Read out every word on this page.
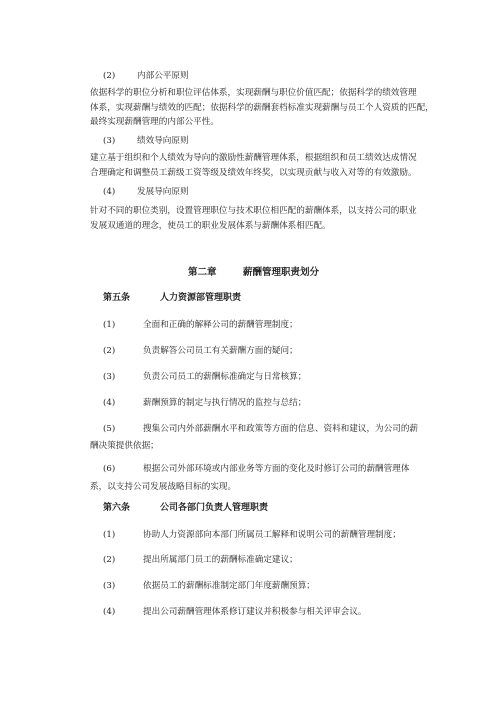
(2)	内部公平原则
依据科学的职位分析和职位评估体系，实现薪酬与职位价值匹配；依据科学的绩效管理
体系，实现薪酬与绩效的匹配；依据科学的薪酬套档标准实现薪酬与员工个人资质的匹配，
最终实现薪酬管理的内部公平性。
(3)	绩效导向原则
建立基于组织和个人绩效为导向的激励性薪酬管理体系，根据组织和员工绩效达成情况
合理确定和调整员工薪级工资等级及绩效年终奖，以实现贡献与收入对等的有效激励。
(4)	发展导向原则
针对不同的职位类别，设置管理职位与技术职位相匹配的薪酬体系，以支持公司的职业
发展双通道的理念，使员工的职业发展体系与薪酬体系相匹配。
第二章	薪酬管理职责划分
第五条	人力资源部管理职责
(1)	全面和正确的解释公司的薪酬管理制度；
(2)	负责解答公司员工有关薪酬方面的疑问；
(3)	负责公司员工的薪酬标准确定与日常核算；
(4)	薪酬预算的制定与执行情况的监控与总结；
(5)	搜集公司内外部薪酬水平和政策等方面的信息、资料和建议，为公司的薪
酬决策提供依据；
(6)	根据公司外部环境或内部业务等方面的变化及时修订公司的薪酬管理体
系，以支持公司发展战略目标的实现。
第六条	公司各部门负责人管理职责
(1)	协助人力资源部向本部门所属员工解释和说明公司的薪酬管理制度；
(2)	提出所属部门员工的薪酬标准确定建议；
(3)	依据员工的薪酬标准制定部门年度薪酬预算；
(4)	提出公司薪酬管理体系修订建议并积极参与相关评审会议。
